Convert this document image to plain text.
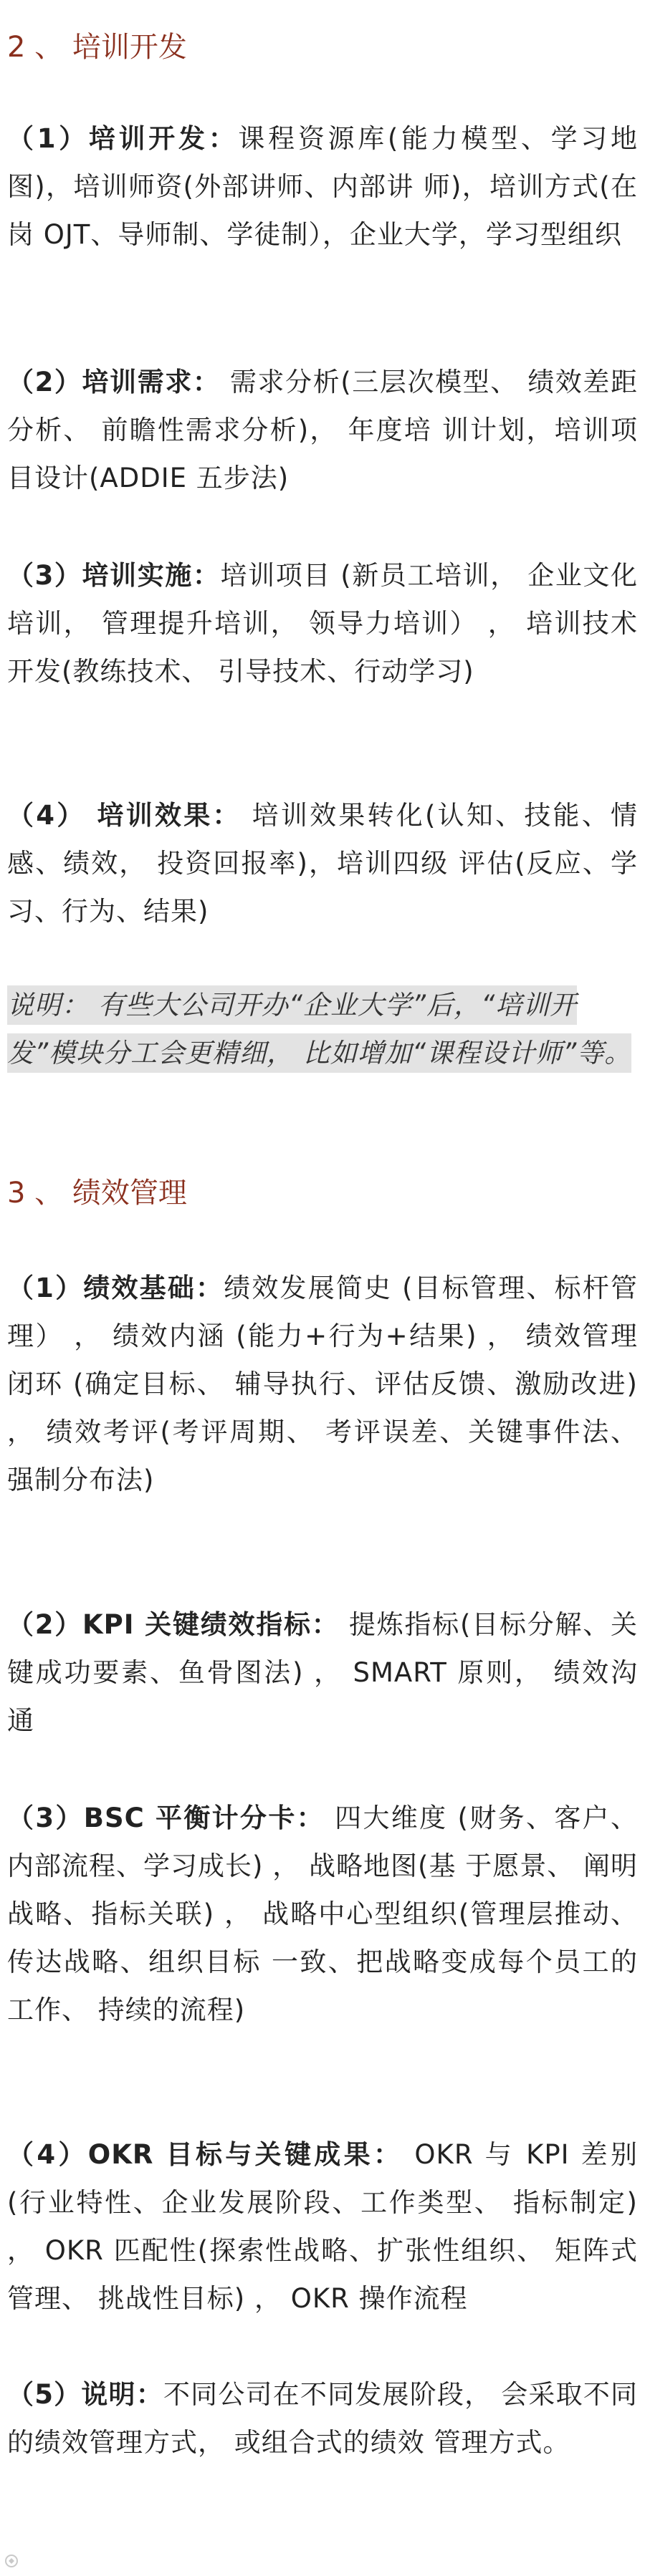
2 、 培训开发

（1）培训开发：课程资源库(能力模型、学习地图)，培训师资(外部讲师、内部讲 师)，培训方式(在岗 OJT、导师制、学徒制），企业大学，学习型组织

（2）培训需求： 需求分析(三层次模型、 绩效差距分析、 前瞻性需求分析)， 年度培 训计划，培训项目设计(ADDIE 五步法)

（3）培训实施：培训项目 (新员工培训， 企业文化培训， 管理提升培训， 领导力培训） ， 培训技术开发(教练技术、 引导技术、行动学习)

（4） 培训效果： 培训效果转化(认知、技能、情感、绩效， 投资回报率)，培训四级 评估(反应、学习、行为、结果)

说明： 有些大公司开办“企业大学”后，“培训开发”模块分工会更精细， 比如增加“课程设计师”等。

3 、 绩效管理

（1）绩效基础：绩效发展简史 (目标管理、标杆管理） ， 绩效内涵 (能力+行为+结果) ， 绩效管理闭环 (确定目标、 辅导执行、评估反馈、激励改进) ， 绩效考评(考评周期、 考评误差、关键事件法、 强制分布法)

（2）KPI 关键绩效指标： 提炼指标(目标分解、关键成功要素、鱼骨图法) ， SMART 原则， 绩效沟通

（3）BSC 平衡计分卡： 四大维度 (财务、客户、内部流程、学习成长) ， 战略地图(基 于愿景、 阐明战略、指标关联) ， 战略中心型组织(管理层推动、 传达战略、组织目标 一致、把战略变成每个员工的工作、 持续的流程)

（4）OKR 目标与关键成果： OKR 与 KPI 差别 (行业特性、企业发展阶段、工作类型、 指标制定) ， OKR 匹配性(探索性战略、扩张性组织、 矩阵式管理、 挑战性目标) ， OKR 操作流程

（5）说明：不同公司在不同发展阶段， 会采取不同的绩效管理方式， 或组合式的绩效 管理方式。
